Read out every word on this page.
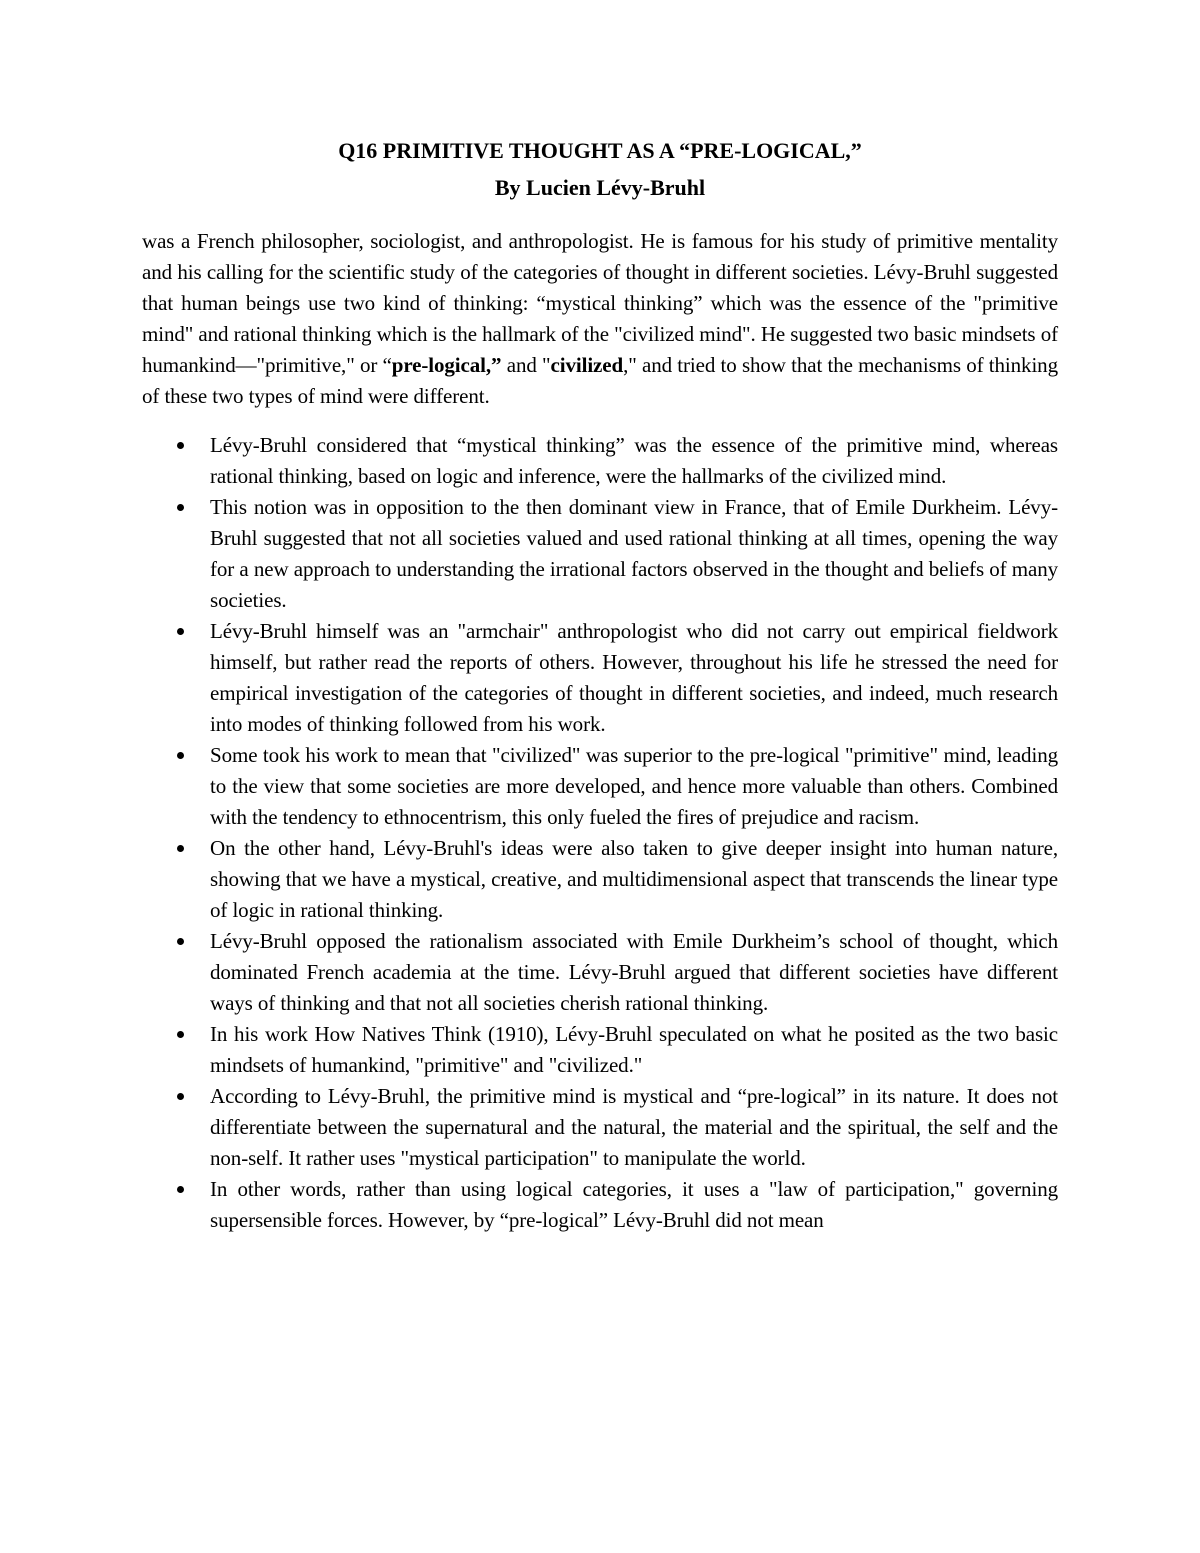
Q16 PRIMITIVE THOUGHT AS A “PRE-LOGICAL,”
By Lucien Lévy-Bruhl

was a French philosopher, sociologist, and anthropologist. He is famous for his study of primitive mentality and his calling for the scientific study of the categories of thought in different societies. Lévy-Bruhl suggested that human beings use two kind of thinking: “mystical thinking” which was the essence of the "primitive mind" and rational thinking which is the hallmark of the "civilized mind". He suggested two basic mindsets of humankind—"primitive," or “pre-logical,” and "civilized," and tried to show that the mechanisms of thinking of these two types of mind were different.

Lévy-Bruhl considered that “mystical thinking” was the essence of the primitive mind, whereas rational thinking, based on logic and inference, were the hallmarks of the civilized mind.
This notion was in opposition to the then dominant view in France, that of Emile Durkheim. Lévy-Bruhl suggested that not all societies valued and used rational thinking at all times, opening the way for a new approach to understanding the irrational factors observed in the thought and beliefs of many societies.
Lévy-Bruhl himself was an "armchair" anthropologist who did not carry out empirical fieldwork himself, but rather read the reports of others. However, throughout his life he stressed the need for empirical investigation of the categories of thought in different societies, and indeed, much research into modes of thinking followed from his work.
Some took his work to mean that "civilized" was superior to the pre-logical "primitive" mind, leading to the view that some societies are more developed, and hence more valuable than others. Combined with the tendency to ethnocentrism, this only fueled the fires of prejudice and racism.
On the other hand, Lévy-Bruhl's ideas were also taken to give deeper insight into human nature, showing that we have a mystical, creative, and multidimensional aspect that transcends the linear type of logic in rational thinking.
Lévy-Bruhl opposed the rationalism associated with Emile Durkheim’s school of thought, which dominated French academia at the time. Lévy-Bruhl argued that different societies have different ways of thinking and that not all societies cherish rational thinking.
In his work How Natives Think (1910), Lévy-Bruhl speculated on what he posited as the two basic mindsets of humankind, "primitive" and "civilized."
According to Lévy-Bruhl, the primitive mind is mystical and “pre-logical” in its nature. It does not differentiate between the supernatural and the natural, the material and the spiritual, the self and the non-self. It rather uses "mystical participation" to manipulate the world.
In other words, rather than using logical categories, it uses a "law of participation," governing supersensible forces. However, by “pre-logical” Lévy-Bruhl did not mean
